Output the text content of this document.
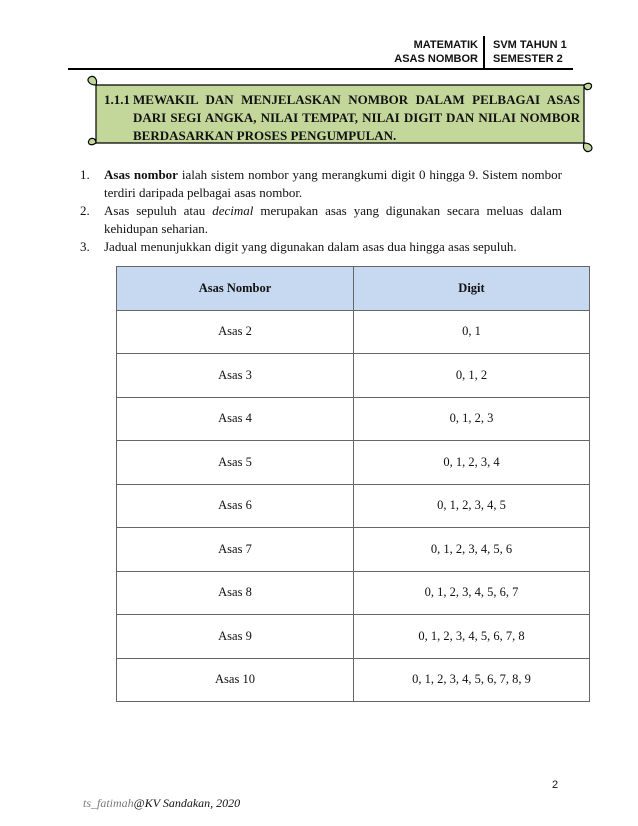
MATEMATIK
ASAS NOMBOR
SVM TAHUN 1
SEMESTER 2
1.1.1 MEWAKIL DAN MENJELASKAN NOMBOR DALAM PELBAGAI ASAS DARI SEGI ANGKA, NILAI TEMPAT, NILAI DIGIT DAN NILAI NOMBOR BERDASARKAN PROSES PENGUMPULAN.
1. Asas nombor ialah sistem nombor yang merangkumi digit 0 hingga 9. Sistem nombor terdiri daripada pelbagai asas nombor.
2. Asas sepuluh atau decimal merupakan asas yang digunakan secara meluas dalam kehidupan seharian.
3. Jadual menunjukkan digit yang digunakan dalam asas dua hingga asas sepuluh.
Asas Nombor	Digit
Asas 2	0, 1
Asas 3	0, 1, 2
Asas 4	0, 1, 2, 3
Asas 5	0, 1, 2, 3, 4
Asas 6	0, 1, 2, 3, 4, 5
Asas 7	0, 1, 2, 3, 4, 5, 6
Asas 8	0, 1, 2, 3, 4, 5, 6, 7
Asas 9	0, 1, 2, 3, 4, 5, 6, 7, 8
Asas 10	0, 1, 2, 3, 4, 5, 6, 7, 8, 9
2
ts_fatimah@KV Sandakan, 2020
